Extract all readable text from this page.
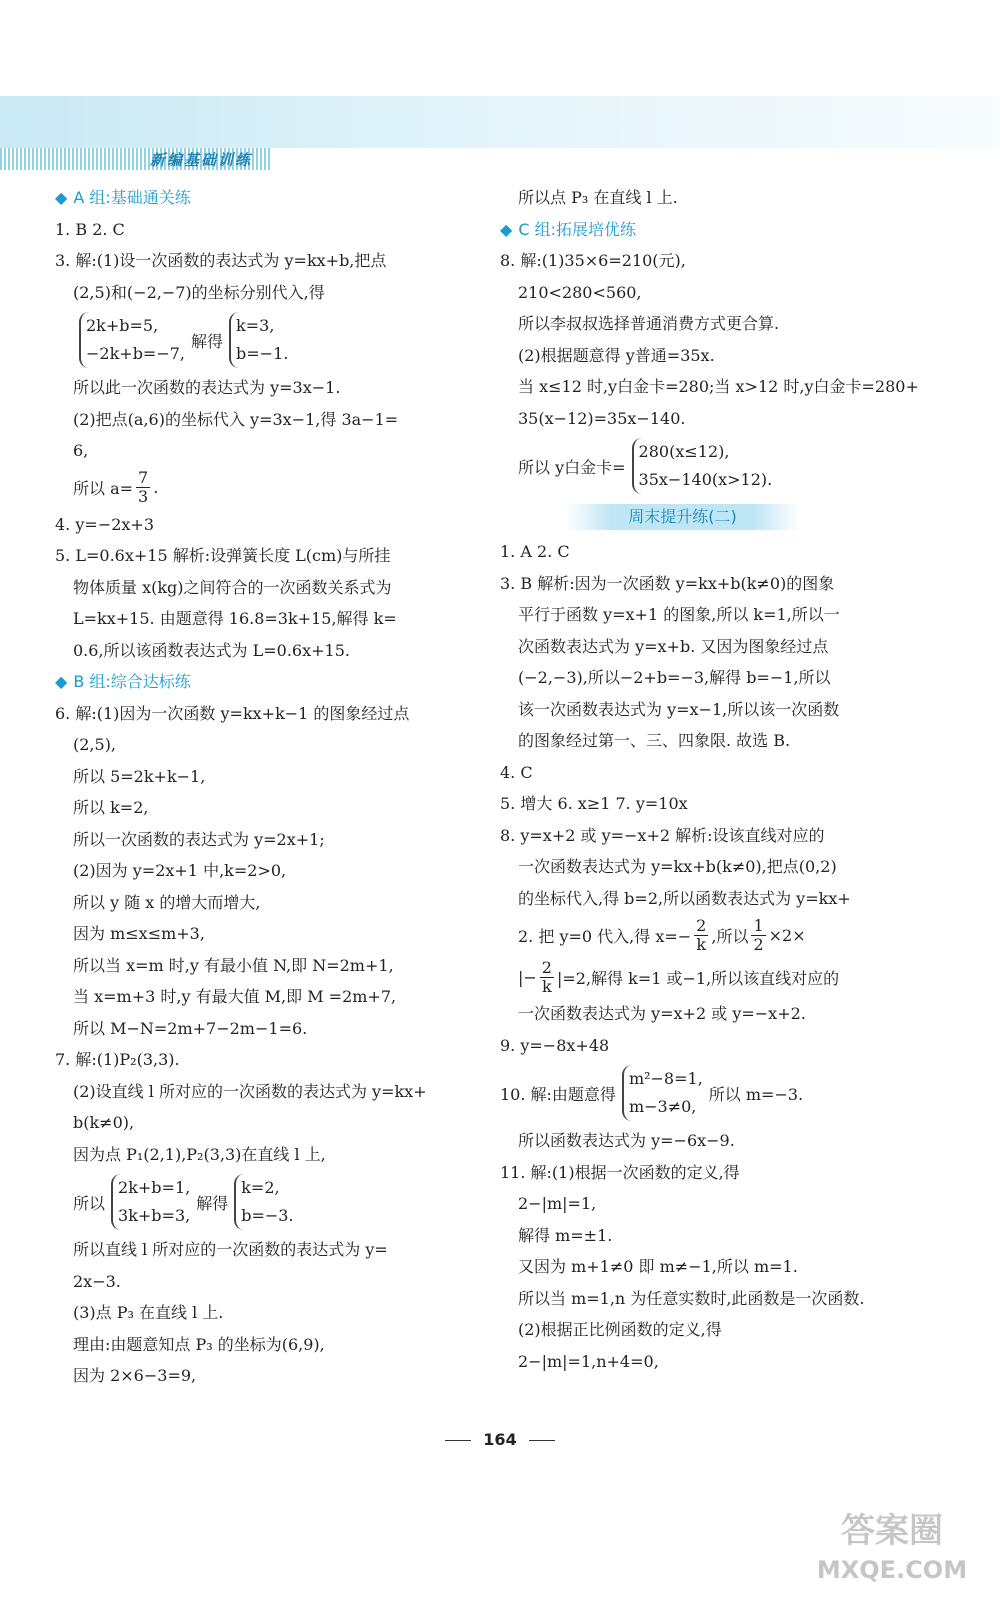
新编基础训练
◆ A 组:基础通关练
1. B 2. C
3. 解:(1)设一次函数的表达式为 y=kx+b,把点
(2,5)和(−2,−7)的坐标分别代入,得
2k+b=5,
−2k+b=−7,
解得
k=3,
b=−1.
所以此一次函数的表达式为 y=3x−1.
(2)把点(a,6)的坐标代入 y=3x−1,得 3a−1=
6,
所以 $a= \frac{7}{3}$ .
4. y=−2x+3
5. L=0.6x+15 解析:设弹簧长度 L(cm)与所挂
物体质量 x(kg)之间符合的一次函数关系式为
L=kx+15. 由题意得 16.8=3k+15,解得 k=
0.6,所以该函数表达式为 L=0.6x+15.
◆ B 组:综合达标练
6. 解:(1)因为一次函数 y=kx+k−1 的图象经过点
(2,5),
所以 5=2k+k−1,
所以 k=2,
所以一次函数的表达式为 y=2x+1;
(2)因为 y=2x+1 中,k=2>0,
所以 y 随 x 的增大而增大,
因为 m≤x≤m+3,
所以当 x=m 时,y 有最小值 N,即 N=2m+1,
当 x=m+3 时,y 有最大值 M,即 M =2m+7,
所以 M−N=2m+7−2m−1=6.
7. 解:(1)P₂(3,3).
(2)设直线 l 所对应的一次函数的表达式为 y=kx+
b(k≠0),
因为点 P₁(2,1),P₂(3,3)在直线 l 上,
所以
2k+b=1,
3k+b=3,
解得
k=2,
b=−3.
所以直线 l 所对应的一次函数的表达式为 y=
2x−3.
(3)点 P₃ 在直线 l 上.
理由:由题意知点 P₃ 的坐标为(6,9),
因为 2×6−3=9,
所以点 P₃ 在直线 l 上.
◆ C 组:拓展培优练
8. 解:(1)35×6=210(元),
210<280<560,
所以李叔叔选择普通消费方式更合算.
(2)根据题意得 y普通=35x.
当 x≤12 时,y白金卡=280;当 x>12 时,y白金卡=280+
35(x−12)=35x−140.
所以 y白金卡=
280(x≤12),
35x−140(x>12).
周末提升练(二)
1. A 2. C
3. B 解析:因为一次函数 y=kx+b(k≠0)的图象
平行于函数 y=x+1 的图象,所以 k=1,所以一
次函数表达式为 y=x+b. 又因为图象经过点
(−2,−3),所以−2+b=−3,解得 b=−1,所以
该一次函数表达式为 y=x−1,所以该一次函数
的图象经过第一、三、四象限. 故选 B.
4. C
5. 增大 6. x≥1 7. y=10x
8. y=x+2 或 y=−x+2 解析:设该直线对应的
一次函数表达式为 y=kx+b(k≠0),把点(0,2)
的坐标代入,得 b=2,所以函数表达式为 y=kx+
2. 把 y=0 代入,得 $x=- \frac{2}{k}$ ,所以 $\frac{1}{2} \times 2\times$
|− $\frac{2}{k} |=2$,解得 k=1 或−1,所以该直线对应的
一次函数表达式为 y=x+2 或 y=−x+2.
9. y=−8x+48
10. 解:由题意得
m²−8=1,
m−3≠0,
所以 m=−3.
所以函数表达式为 y=−6x−9.
11. 解:(1)根据一次函数的定义,得
2−|m|=1,
解得 m=±1.
又因为 m+1≠0 即 m≠−1,所以 m=1.
所以当 m=1,n 为任意实数时,此函数是一次函数.
(2)根据正比例函数的定义,得
2−|m|=1,n+4=0,
164
答案圈
MXQE.COM
